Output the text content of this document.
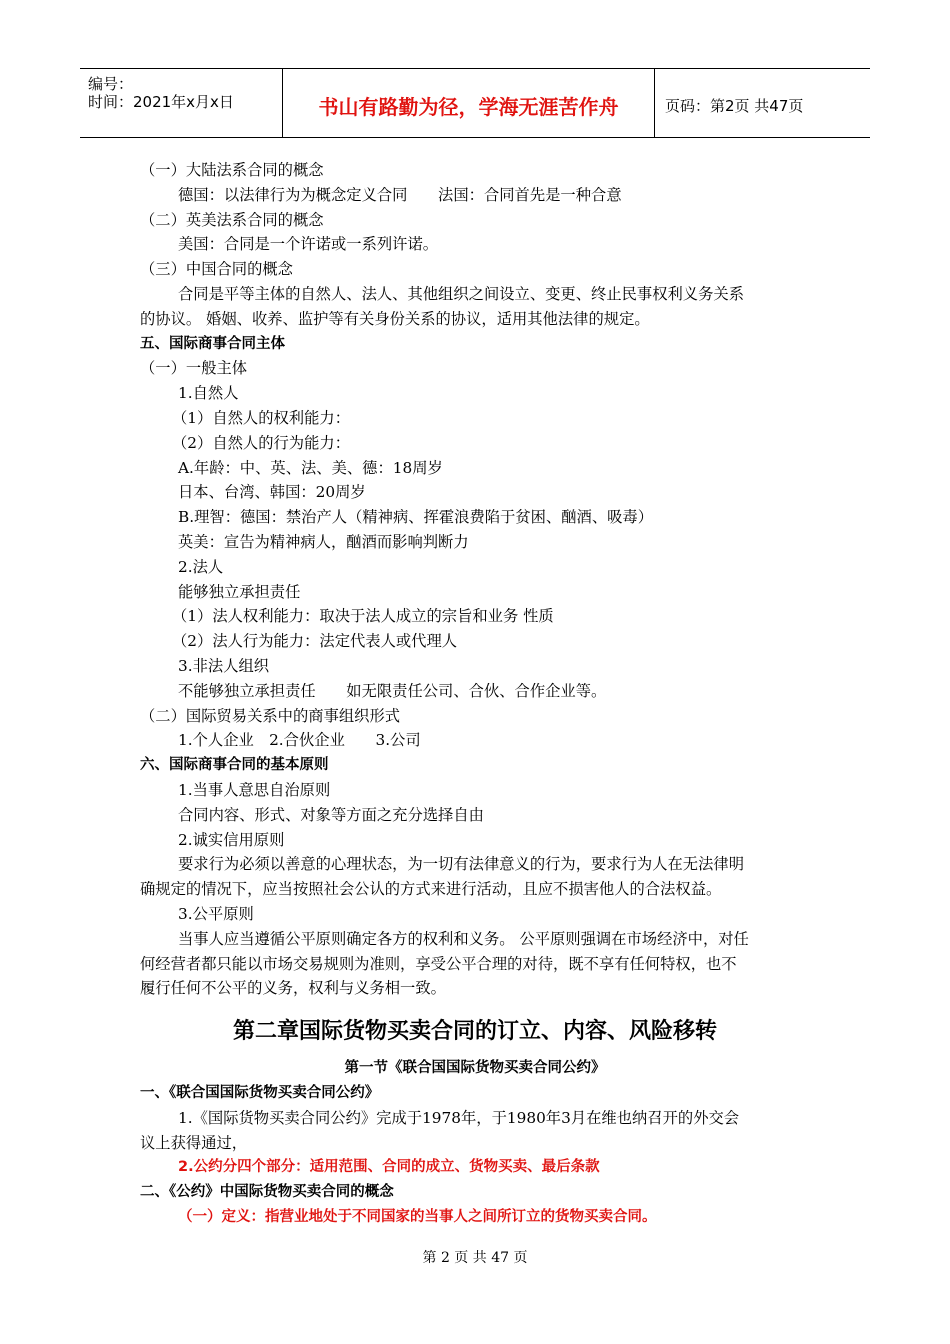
编号：
时间：2021年x月x日	书山有路勤为径，学海无涯苦作舟	页码：第2页 共47页
（一）大陆法系合同的概念
德国：以法律行为为概念定义合同　　法国：合同首先是一种合意
（二）英美法系合同的概念
美国：合同是一个许诺或一系列许诺。
（三）中国合同的概念
合同是平等主体的自然人、法人、其他组织之间设立、变更、终止民事权利义务关系
的协议。 婚姻、收养、监护等有关身份关系的协议，适用其他法律的规定。
五、国际商事合同主体
（一）一般主体
1.自然人
（1）自然人的权利能力：
（2）自然人的行为能力：
A.年龄：中、英、法、美、德：18周岁
日本、台湾、韩国：20周岁
B.理智：德国：禁治产人（精神病、挥霍浪费陷于贫困、酗酒、吸毒）
英美：宣告为精神病人，酗酒而影响判断力
2.法人
能够独立承担责任
（1）法人权利能力：取决于法人成立的宗旨和业务 性质
（2）法人行为能力：法定代表人或代理人
3.非法人组织
不能够独立承担责任　　如无限责任公司、合伙、合作企业等。
（二）国际贸易关系中的商事组织形式
1.个人企业　2.合伙企业　　3.公司
六、国际商事合同的基本原则
1.当事人意思自治原则
合同内容、形式、对象等方面之充分选择自由
2.诚实信用原则
要求行为必须以善意的心理状态，为一切有法律意义的行为，要求行为人在无法律明
确规定的情况下，应当按照社会公认的方式来进行活动，且应不损害他人的合法权益。
3.公平原则
当事人应当遵循公平原则确定各方的权利和义务。 公平原则强调在市场经济中，对任
何经营者都只能以市场交易规则为准则，享受公平合理的对待，既不享有任何特权，也不
履行任何不公平的义务，权利与义务相一致。
第二章国际货物买卖合同的订立、内容、风险移转
第一节《联合国国际货物买卖合同公约》
一、《联合国国际货物买卖合同公约》
1.《国际货物买卖合同公约》完成于1978年，于1980年3月在维也纳召开的外交会
议上获得通过，
2.公约分四个部分：适用范围、合同的成立、货物买卖、最后条款
二、《公约》中国际货物买卖合同的概念
（一）定义：指营业地处于不同国家的当事人之间所订立的货物买卖合同。
第 2 页 共 47 页
